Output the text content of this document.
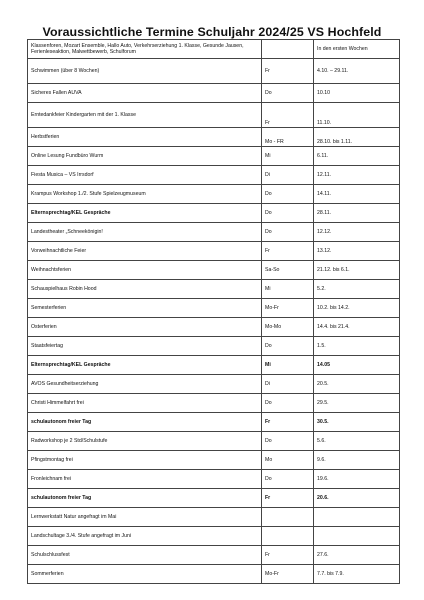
Voraussichtliche Termine Schuljahr 2024/25 VS Hochfeld
Klassenforen, Mozart Ensemble, Hallo Auto, Verkehrserziehung 1. Klasse, Gesunde Jausen, Ferienleseaktion, Malwettbewerb, Schulforum		In den ersten Wochen
Schwimmen (über 8 Wochen)	Fr	4.10. – 29.11.
Sicheres Fallen AUVA	Do	10.10
Erntedankfeier Kindergarten mit der 1. Klasse	Fr	11.10.
Herbstferien	Mo - FR	28.10. bis 1.11.
Online Lesung Fundbüro Wurm	Mi	6.11.
Fiesta Musica – VS Irrsdorf	Di	12.11.
Krampus Workshop 1./2. Stufe Spielzeugmuseum	Do	14.11.
Elternsprechtag/KEL Gespräche	Do	28.11.
Landestheater „Schneekönigin!	Do	12.12.
Vorweihnachtliche Feier	Fr	13.12.
Weihnachtsferien	Sa-So	21.12. bis 6.1.
Schauspielhaus Robin Hood	Mi	5.2.
Semesterferien	Mo-Fr	10.2. bis 14.2.
Osterferien	Mo-Mo	14.4. bis 21.4.
Staatsfeiertag	Do	1.5.
Elternsprechtag/KEL Gespräche	Mi	14.05
AVOS Gesundheitserziehung	Di	20.5.
Christi Himmelfahrt frei	Do	29.5.
schulautonom freier Tag	Fr	30.5.
Radworkshop je 2 Std/Schulstufe	Do	5.6.
Pfingstmontag frei	Mo	9.6.
Fronleichnam frei	Do	19.6.
schulautonom freier Tag	Fr	20.6.
Lernwerkstatt Natur angefragt im Mai		
Landschultage 3./4. Stufe angefragt im Juni		
Schulschlussfest	Fr	27.6.
Sommerferien	Mo-Fr	7.7. bis 7.9.
